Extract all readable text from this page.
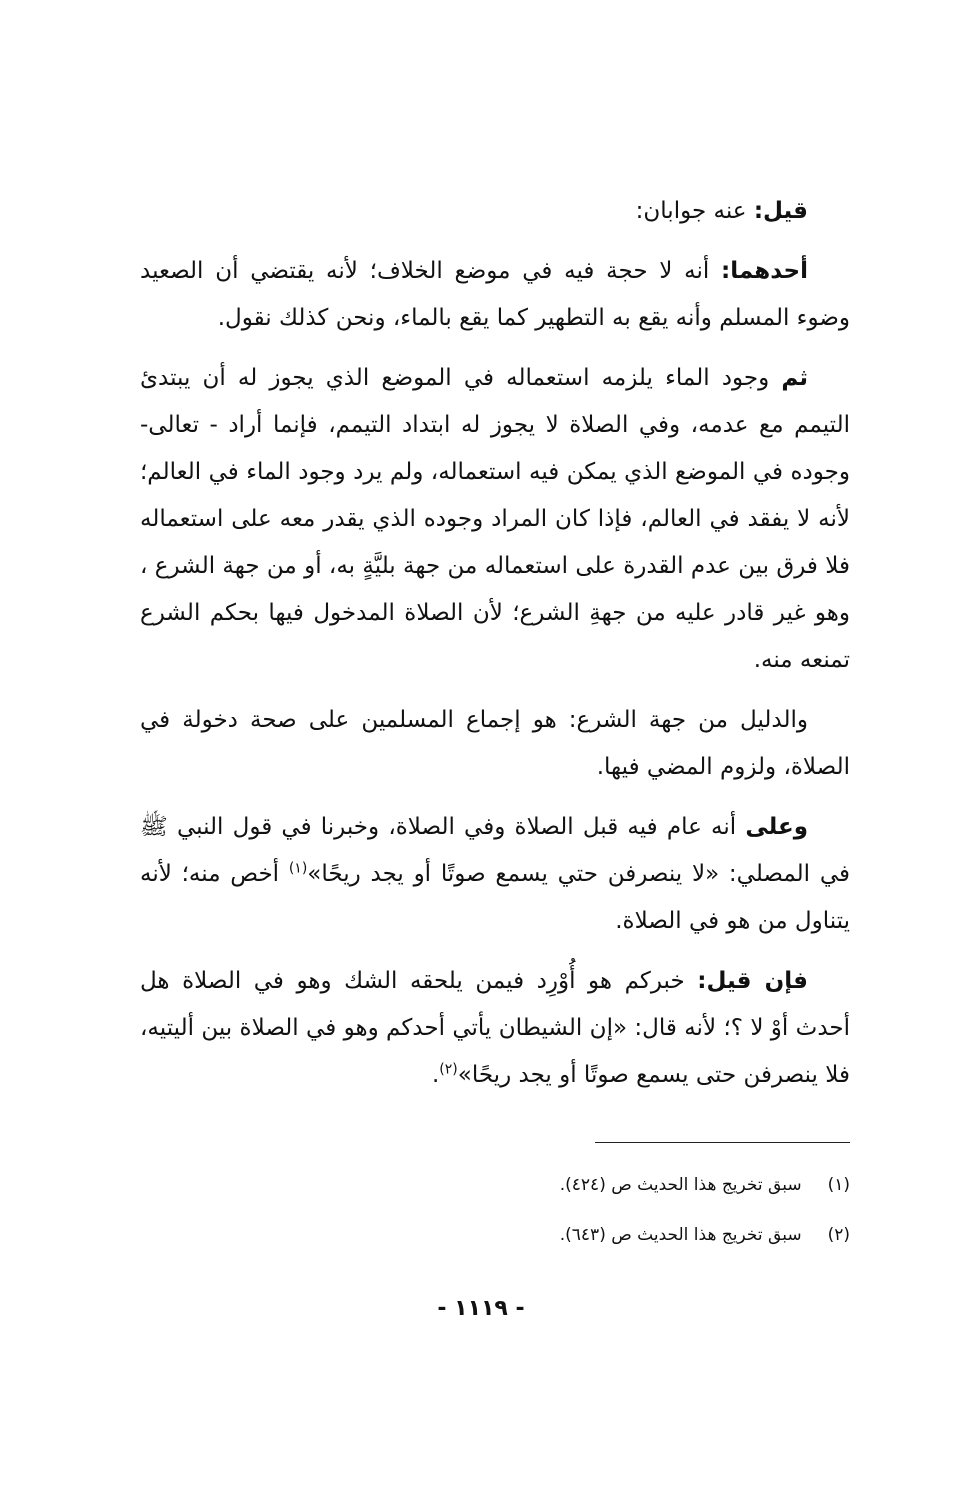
قيل: عنه جوابان:

أحدهما: أنه لا حجة فيه في موضع الخلاف؛ لأنه يقتضي أن الصعيد وضوء المسلم وأنه يقع به التطهير كما يقع بالماء، ونحن كذلك نقول.

ثم وجود الماء يلزمه استعماله في الموضع الذي يجوز له أن يبتدئ التيمم مع عدمه، وفي الصلاة لا يجوز له ابتداد التيمم، فإنما أراد - تعالى- وجوده في الموضع الذي يمكن فيه استعماله، ولم يرد وجود الماء في العالم؛ لأنه لا يفقد في العالم، فإذا كان المراد وجوده الذي يقدر معه على استعماله فلا فرق بين عدم القدرة على استعماله من جهة بليَّةٍ به، أو من جهة الشرع ، وهو غير قادر عليه من جهةِ الشرع؛ لأن الصلاة المدخول فيها بحكم الشرع تمنعه منه.

والدليل من جهة الشرع: هو إجماع المسلمين على صحة دخولة في الصلاة، ولزوم المضي فيها.

وعلى أنه عام فيه قبل الصلاة وفي الصلاة، وخبرنا في قول النبي ﷺ في المصلي: «لا ينصرفن حتي يسمع صوتًا أو يجد ريحًا»$^{(١)}$ أخص منه؛ لأنه يتناول من هو في الصلاة.

فإن قيل: خبركم هو أُوْرِد فيمن يلحقه الشك وهو في الصلاة هل أحدث أوْ لا ؟؛ لأنه قال: «إن الشيطان يأتي أحدكم وهو في الصلاة بين أليتيه، فلا ينصرفن حتى يسمع صوتًا أو يجد ريحًا»$^{(٢)}$.

(١)
سبق تخريج هذا الحديث ص (٤٢٤).
(٢)
سبق تخريج هذا الحديث ص (٦٤٣).
- ١١١٩ -
